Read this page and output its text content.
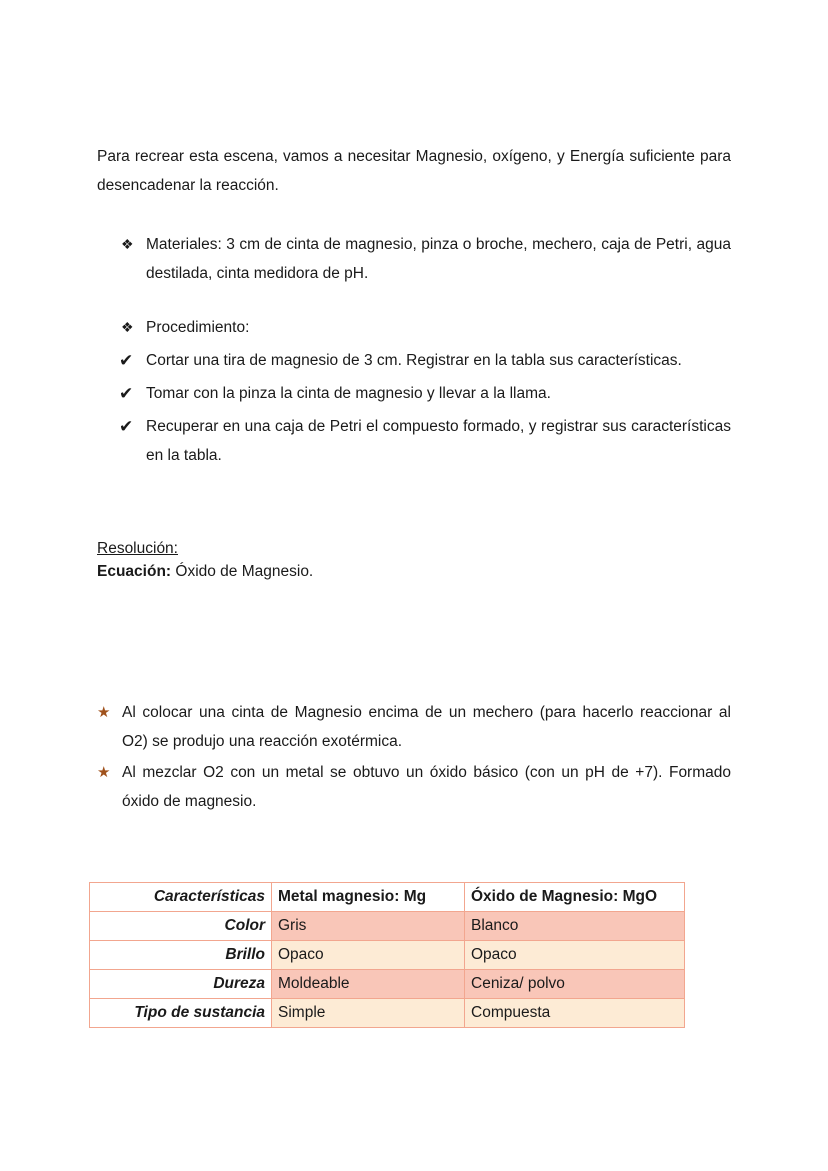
Para recrear esta escena, vamos a necesitar Magnesio, oxígeno, y Energía suficiente para desencadenar la reacción.

❖ Materiales: 3 cm de cinta de magnesio, pinza o broche, mechero, caja de Petri, agua destilada, cinta medidora de pH.
❖ Procedimiento:
✔ Cortar una tira de magnesio de 3 cm. Registrar en la tabla sus características.
✔ Tomar con la pinza la cinta de magnesio y llevar a la llama.
✔ Recuperar en una caja de Petri el compuesto formado, y registrar sus características en la tabla.
Resolución:
Ecuación: Óxido de Magnesio.
★ Al colocar una cinta de Magnesio encima de un mechero (para hacerlo reaccionar al O2) se produjo una reacción exotérmica.
★ Al mezclar O2 con un metal se obtuvo un óxido básico (con un pH de +7). Formado óxido de magnesio.
Características	Metal magnesio: Mg	Óxido de Magnesio: MgO
Color	Gris	Blanco
Brillo	Opaco	Opaco
Dureza	Moldeable	Ceniza/ polvo
Tipo de sustancia	Simple	Compuesta
